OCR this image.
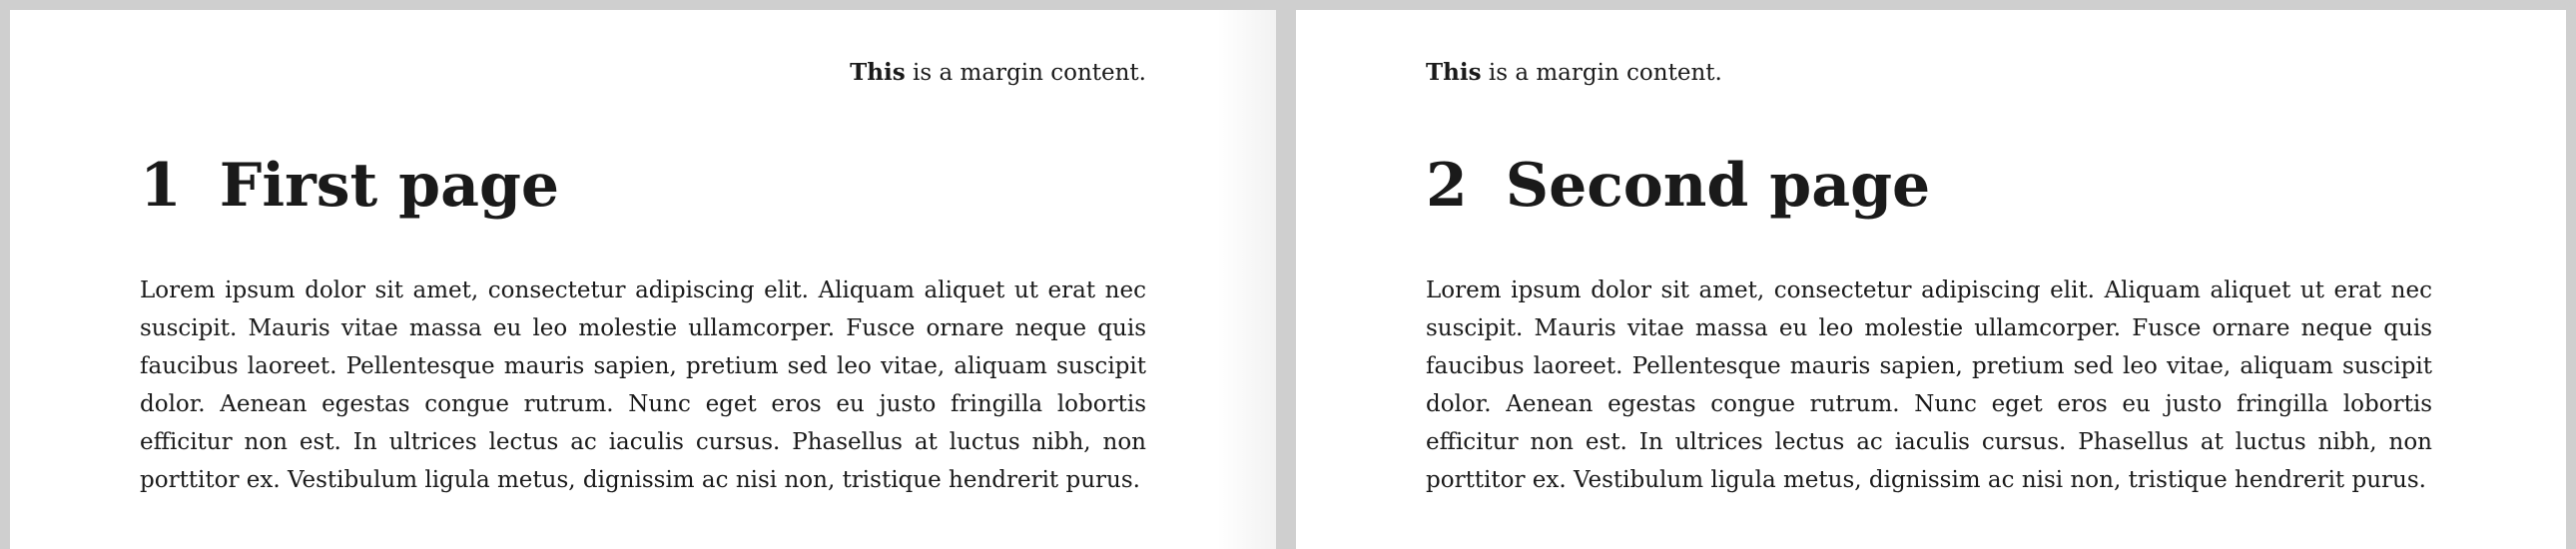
This is a margin content.
1 First page

Lorem ipsum dolor sit amet, consectetur adipiscing elit. Aliquam aliquet ut erat nec suscipit. Mauris vitae massa eu leo molestie ullamcorper. Fusce ornare neque quis faucibus laoreet. Pellentesque mauris sapien, pretium sed leo vitae, aliquam suscipit dolor. Aenean egestas congue rutrum. Nunc eget eros eu justo fringilla lobortis efficitur non est. In ultrices lectus ac iaculis cursus. Phasellus at luctus nibh, non porttitor ex. Vestibulum ligula metus, dignissim ac nisi non, tristique hendrerit purus.

This is a margin content.
2 Second page

Lorem ipsum dolor sit amet, consectetur adipiscing elit. Aliquam aliquet ut erat nec suscipit. Mauris vitae massa eu leo molestie ullamcorper. Fusce ornare neque quis faucibus laoreet. Pellentesque mauris sapien, pretium sed leo vitae, aliquam suscipit dolor. Aenean egestas congue rutrum. Nunc eget eros eu justo fringilla lobortis efficitur non est. In ultrices lectus ac iaculis cursus. Phasellus at luctus nibh, non porttitor ex. Vestibulum ligula metus, dignissim ac nisi non, tristique hendrerit purus.
